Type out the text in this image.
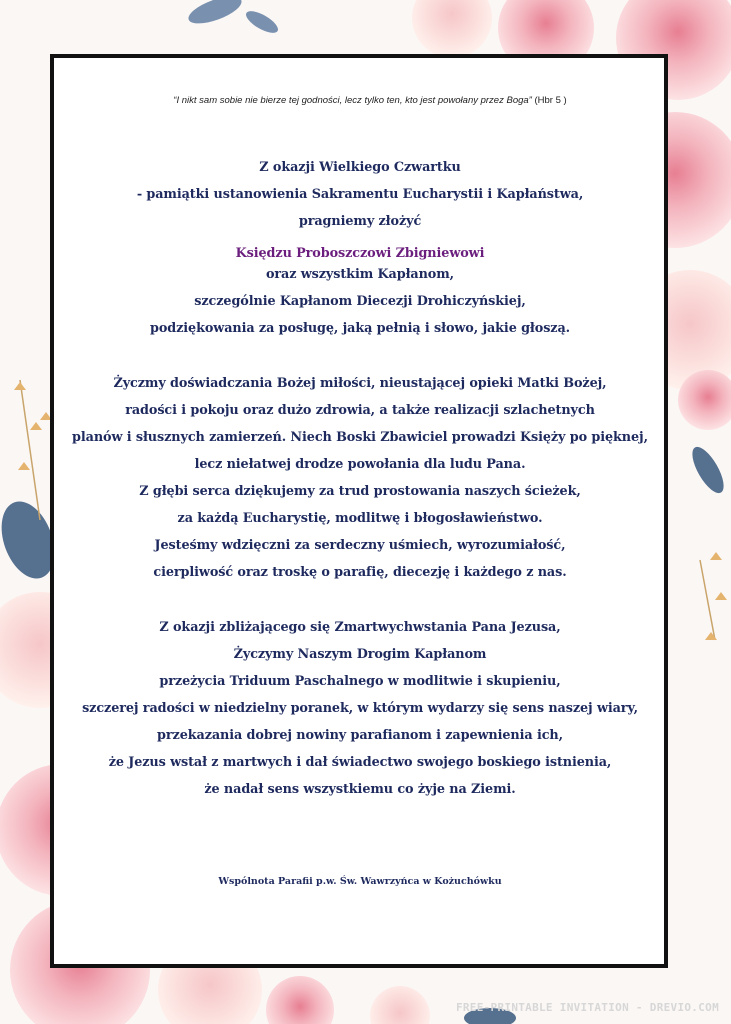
“I nikt sam sobie nie bierze tej godności, lecz tylko ten, kto jest powołany przez Boga” (Hbr 5 )
Z okazji Wielkiego Czwartku
- pamiątki ustanowienia Sakramentu Eucharystii i Kapłaństwa,
pragniemy złożyć
Księdzu Proboszczowi Zbigniewowi
oraz wszystkim Kapłanom,
szczególnie Kapłanom Diecezji Drohiczyńskiej,
podziękowania za posługę, jaką pełnią i słowo, jakie głoszą.
Życzmy doświadczania Bożej miłości, nieustającej opieki Matki Bożej,
radości i pokoju oraz dużo zdrowia, a także realizacji szlachetnych
planów i słusznych zamierzeń. Niech Boski Zbawiciel prowadzi Księży po pięknej,
lecz niełatwej drodze powołania dla ludu Pana.
Z głębi serca dziękujemy za trud prostowania naszych ścieżek,
za każdą Eucharystię, modlitwę i błogosławieństwo.
Jesteśmy wdzięczni za serdeczny uśmiech, wyrozumiałość,
cierpliwość oraz troskę o parafię, diecezję i każdego z nas.
Z okazji zbliżającego się Zmartwychwstania Pana Jezusa,
Życzymy Naszym Drogim Kapłanom
przeżycia Triduum Paschalnego w modlitwie i skupieniu,
szczerej radości w niedzielny poranek, w którym wydarzy się sens naszej wiary,
przekazania dobrej nowiny parafianom i zapewnienia ich,
że Jezus wstał z martwych i dał świadectwo swojego boskiego istnienia,
że nadał sens wszystkiemu co żyje na Ziemi.
Wspólnota Parafii p.w. Św. Wawrzyńca w Kożuchówku
FREE-PRINTABLE INVITATION - DREVIO.COM
